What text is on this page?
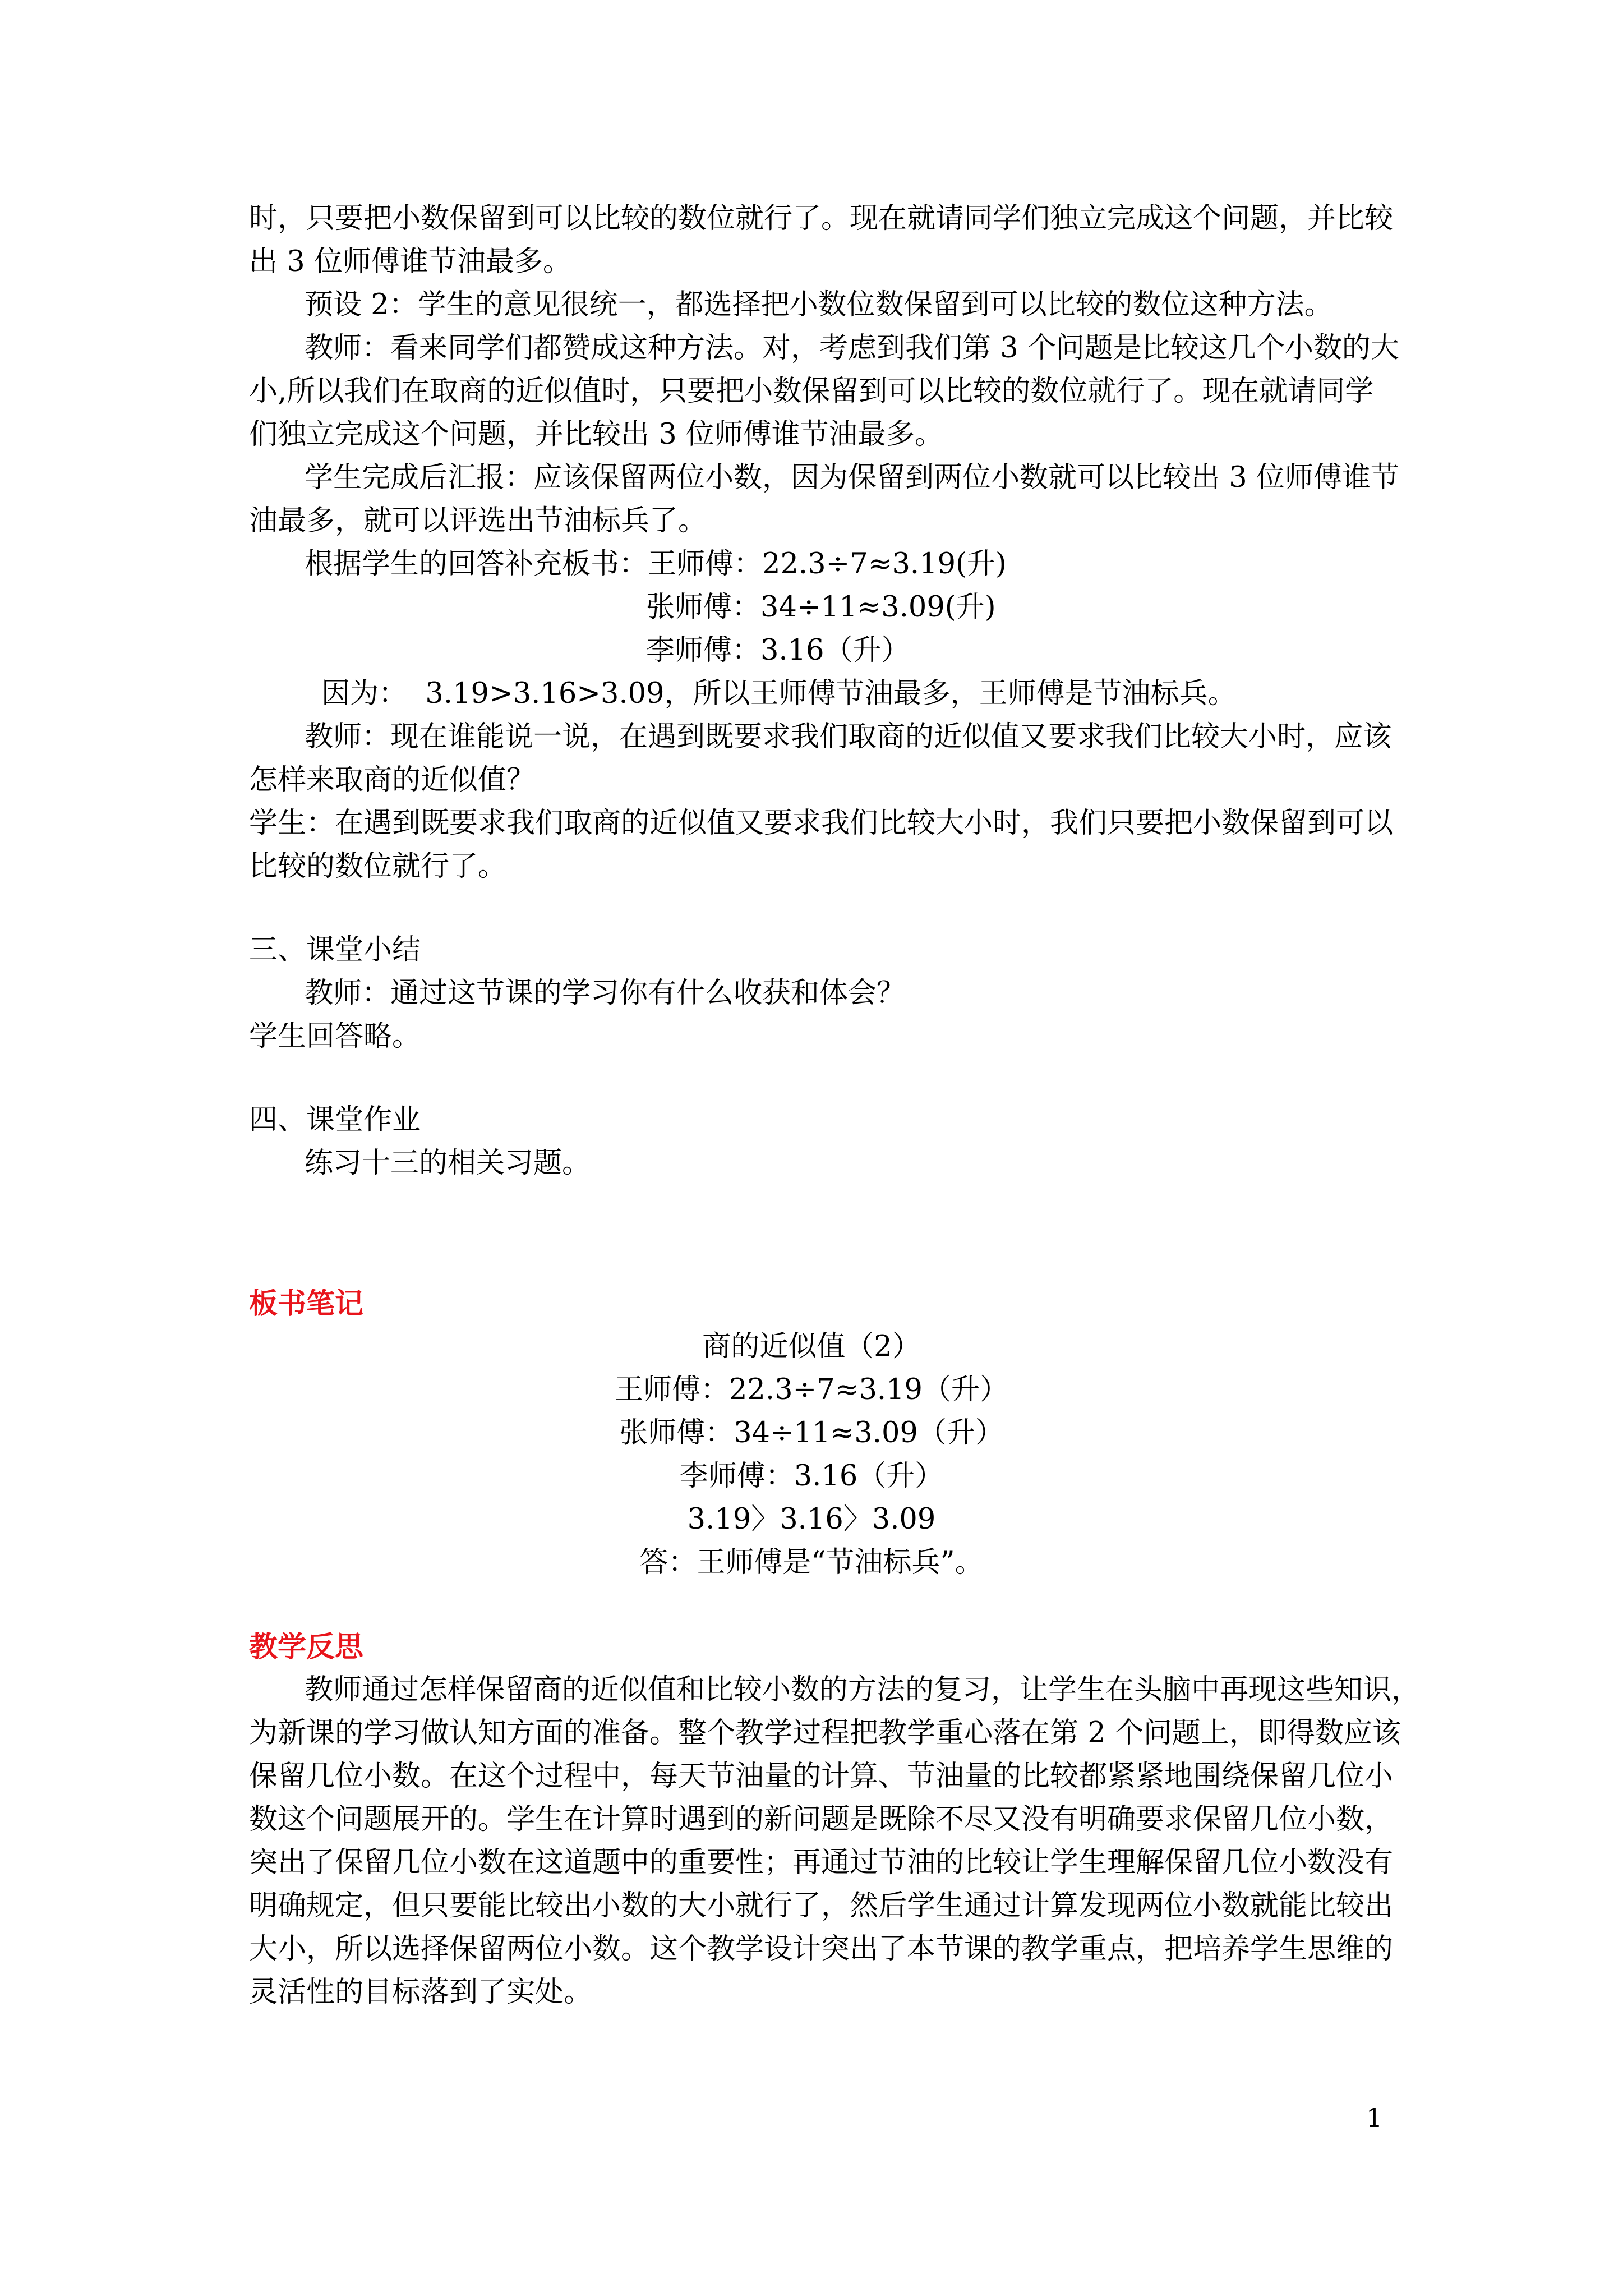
时，只要把小数保留到可以比较的数位就行了。现在就请同学们独立完成这个问题，并比较

出 3 位师傅谁节油最多。

预设 2：学生的意见很统一，都选择把小数位数保留到可以比较的数位这种方法。

教师：看来同学们都赞成这种方法。对，考虑到我们第 3 个问题是比较这几个小数的大

小,所以我们在取商的近似值时，只要把小数保留到可以比较的数位就行了。现在就请同学

们独立完成这个问题，并比较出 3 位师傅谁节油最多。

学生完成后汇报：应该保留两位小数，因为保留到两位小数就可以比较出 3 位师傅谁节

油最多，就可以评选出节油标兵了。

根据学生的回答补充板书：王师傅：22.3÷7≈3.19(升)

张师傅：34÷11≈3.09(升)

李师傅：3.16（升）

因为：  3.19>3.16>3.09，所以王师傅节油最多，王师傅是节油标兵。

教师：现在谁能说一说，在遇到既要求我们取商的近似值又要求我们比较大小时，应该

怎样来取商的近似值？

学生：在遇到既要求我们取商的近似值又要求我们比较大小时，我们只要把小数保留到可以

比较的数位就行了。

三、课堂小结

教师：通过这节课的学习你有什么收获和体会？

学生回答略。

四、课堂作业

练习十三的相关习题。

板书笔记

商的近似值（2）

王师傅：22.3÷7≈3.19（升）

张师傅：34÷11≈3.09（升）

李师傅：3.16（升）

3.19〉3.16〉3.09

答：王师傅是“节油标兵”。

教学反思

教师通过怎样保留商的近似值和比较小数的方法的复习，让学生在头脑中再现这些知识，

为新课的学习做认知方面的准备。整个教学过程把教学重心落在第 2 个问题上，即得数应该

保留几位小数。在这个过程中，每天节油量的计算、节油量的比较都紧紧地围绕保留几位小

数这个问题展开的。学生在计算时遇到的新问题是既除不尽又没有明确要求保留几位小数，

突出了保留几位小数在这道题中的重要性；再通过节油的比较让学生理解保留几位小数没有

明确规定，但只要能比较出小数的大小就行了，然后学生通过计算发现两位小数就能比较出

大小，所以选择保留两位小数。这个教学设计突出了本节课的教学重点，把培养学生思维的

灵活性的目标落到了实处。

1
